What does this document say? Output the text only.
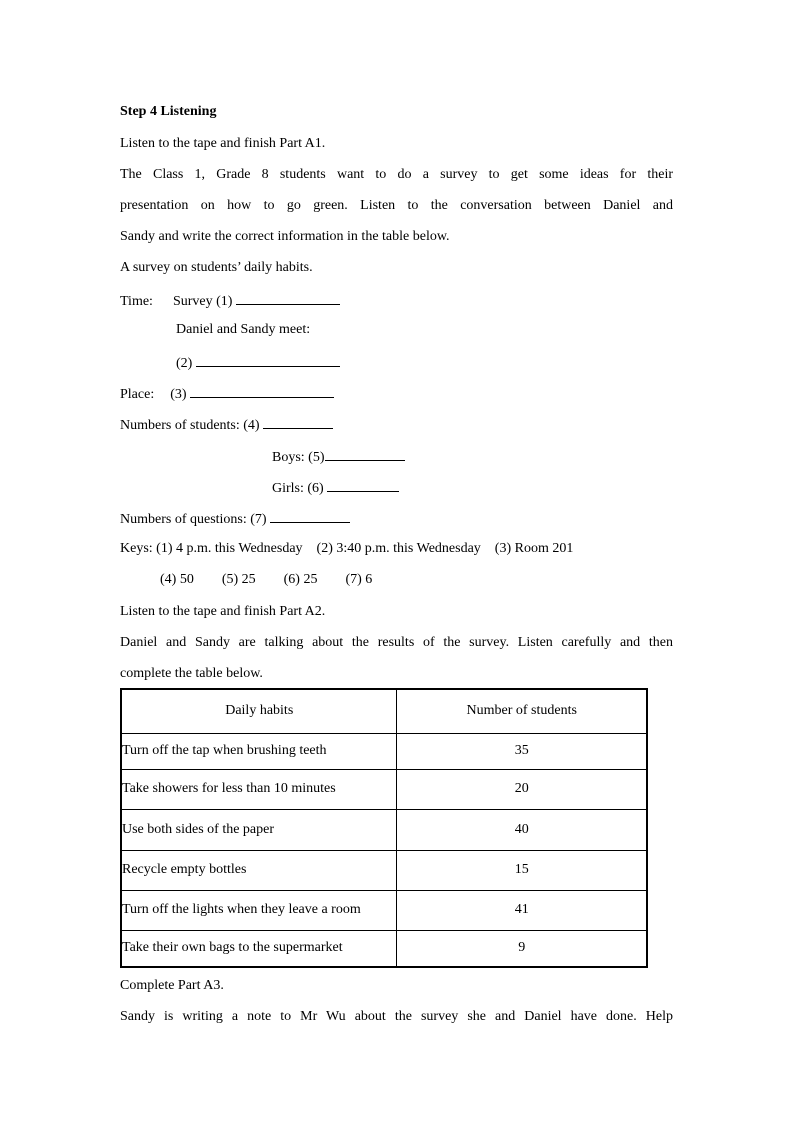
Step 4 Listening
Listen to the tape and finish Part A1.
The Class 1, Grade 8 students want to do a survey to get some ideas for their
presentation on how to go green. Listen to the conversation between Daniel and
Sandy and write the correct information in the table below.
A survey on students’ daily habits.
Time: Survey (1)
Daniel and Sandy meet:
(2)
Place: (3)
Numbers of students: (4)
Boys: (5)
Girls: (6)
Numbers of questions: (7)
Keys: (1) 4 p.m. this Wednesday    (2) 3:40 p.m. this Wednesday    (3) Room 201
(4) 50        (5) 25        (6) 25        (7) 6
Listen to the tape and finish Part A2.
Daniel and Sandy are talking about the results of the survey. Listen carefully and then
complete the table below.
Daily habits	Number of students
Turn off the tap when brushing teeth	35
Take showers for less than 10 minutes	20
Use both sides of the paper	40
Recycle empty bottles	15
Turn off the lights when they leave a room	41
Take their own bags to the supermarket	9
Complete Part A3.
Sandy is writing a note to Mr Wu about the survey she and Daniel have done. Help
